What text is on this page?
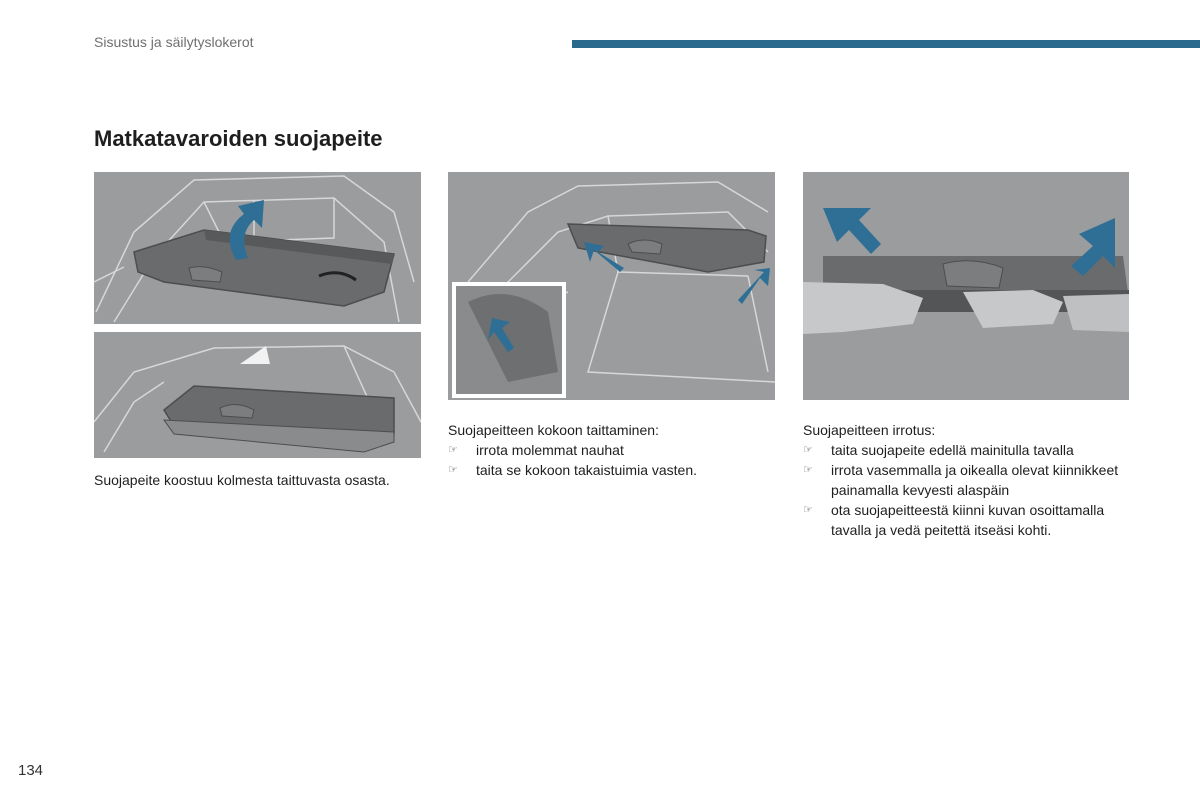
Sisustus ja säilytyslokerot
Matkatavaroiden suojapeite

Suojapeite koostuu kolmesta taittuvasta osasta.

Suojapeitteen kokoon taittaminen:

☞ irrota molemmat nauhat
☞ taita se kokoon takaistuimia vasten.

Suojapeitteen irrotus:

☞ taita suojapeite edellä mainitulla tavalla
☞ irrota vasemmalla ja oikealla olevat kiinnikkeet painamalla kevyesti alaspäin
☞ ota suojapeitteestä kiinni kuvan osoittamalla tavalla ja vedä peitettä itseäsi kohti.
134
